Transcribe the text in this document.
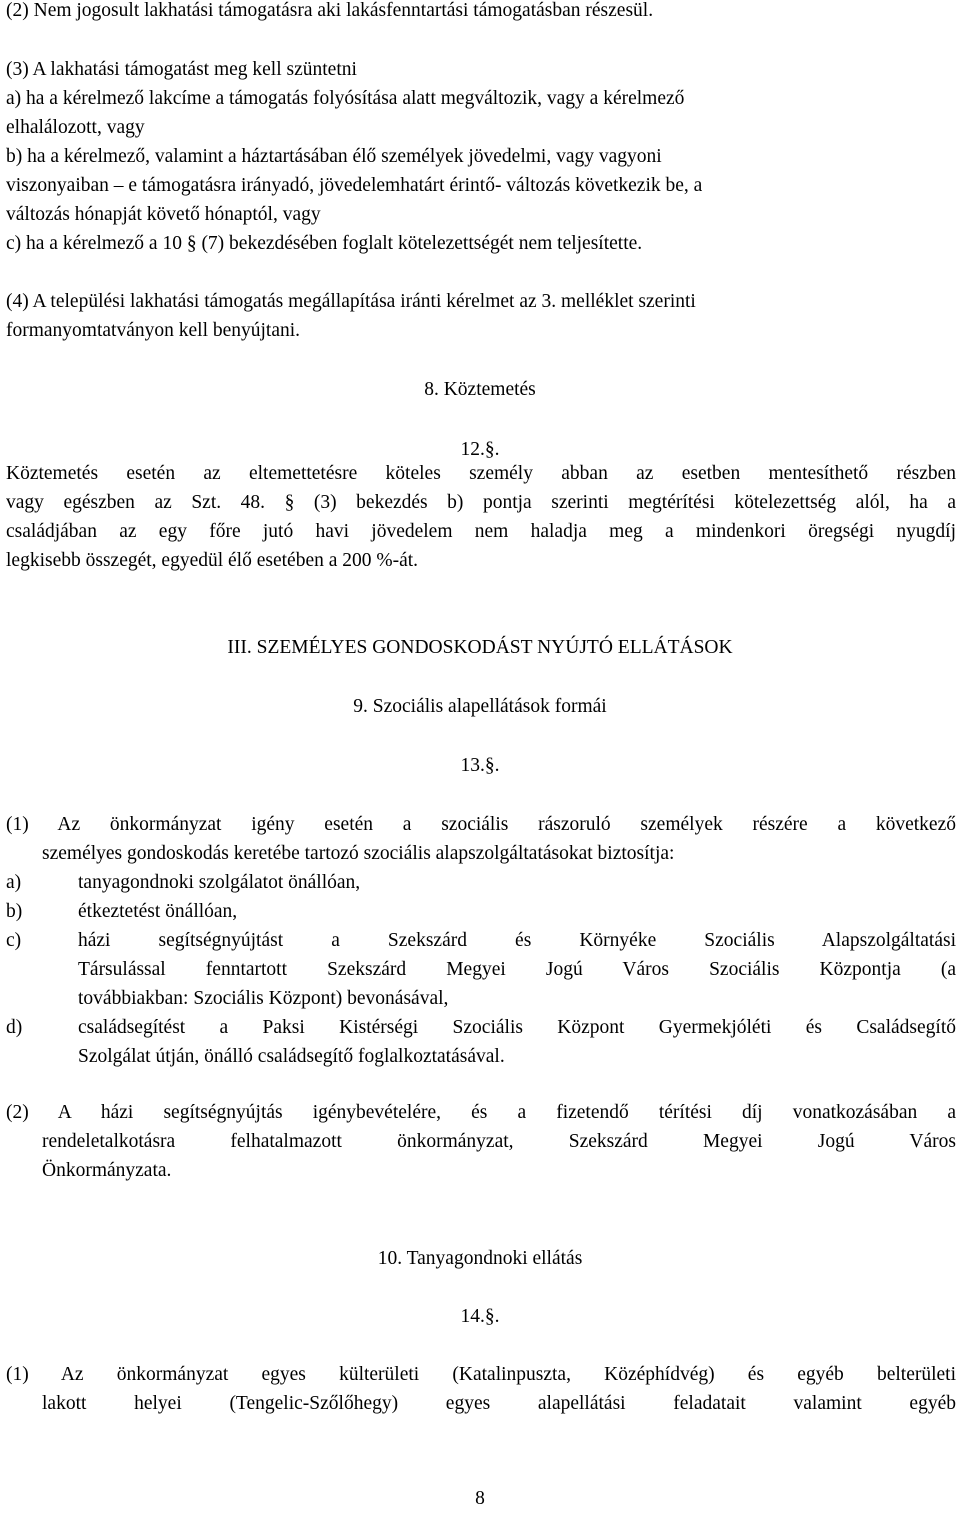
(2) Nem jogosult lakhatási támogatásra aki lakásfenntartási támogatásban részesül.
(3) A lakhatási támogatást meg kell szüntetni
a) ha a kérelmező lakcíme a támogatás folyósítása alatt megváltozik, vagy a kérelmező
elhalálozott, vagy
b) ha a kérelmező, valamint a háztartásában élő személyek jövedelmi, vagy vagyoni
viszonyaiban – e támogatásra irányadó, jövedelemhatárt érintő- változás következik be, a
változás hónapját követő hónaptól, vagy
c) ha a kérelmező a 10 § (7) bekezdésében foglalt kötelezettségét nem teljesítette.
(4) A települési lakhatási támogatás megállapítása iránti kérelmet az 3. melléklet szerinti
formanyomtatványon kell benyújtani.
8. Köztemetés
12.§.
Köztemetés esetén az eltemettetésre köteles személy abban az esetben mentesíthető részben
vagy egészben az Szt. 48. § (3) bekezdés b) pontja szerinti megtérítési kötelezettség alól, ha a
családjában az egy főre jutó havi jövedelem nem haladja meg a mindenkori öregségi nyugdíj
legkisebb összegét, egyedül élő esetében a 200 %-át.
III. SZEMÉLYES GONDOSKODÁST NYÚJTÓ ELLÁTÁSOK
9. Szociális alapellátások formái
13.§.
(1) Az önkormányzat igény esetén a szociális rászoruló személyek részére a következő
személyes gondoskodás keretébe tartozó szociális alapszolgáltatásokat biztosítja:
a)	tanyagondnoki szolgálatot önállóan,
b)	étkeztetést önállóan,
c)	házi segítségnyújtást a Szekszárd és Környéke Szociális Alapszolgáltatási
Társulással fenntartott Szekszárd Megyei Jogú Város Szociális Központja (a
továbbiakban: Szociális Központ) bevonásával,
d)	családsegítést a Paksi Kistérségi Szociális Központ Gyermekjóléti és Családsegítő
Szolgálat útján, önálló családsegítő foglalkoztatásával.
(2) A házi segítségnyújtás igénybevételére, és a fizetendő térítési díj vonatkozásában a
rendeletalkotásra felhatalmazott önkormányzat, Szekszárd Megyei Jogú Város
Önkormányzata.
10. Tanyagondnoki ellátás
14.§.
(1) Az önkormányzat egyes külterületi (Katalinpuszta, Középhídvég) és egyéb belterületi
lakott helyei (Tengelic-Szőlőhegy) egyes alapellátási feladatait valamint egyéb
8
